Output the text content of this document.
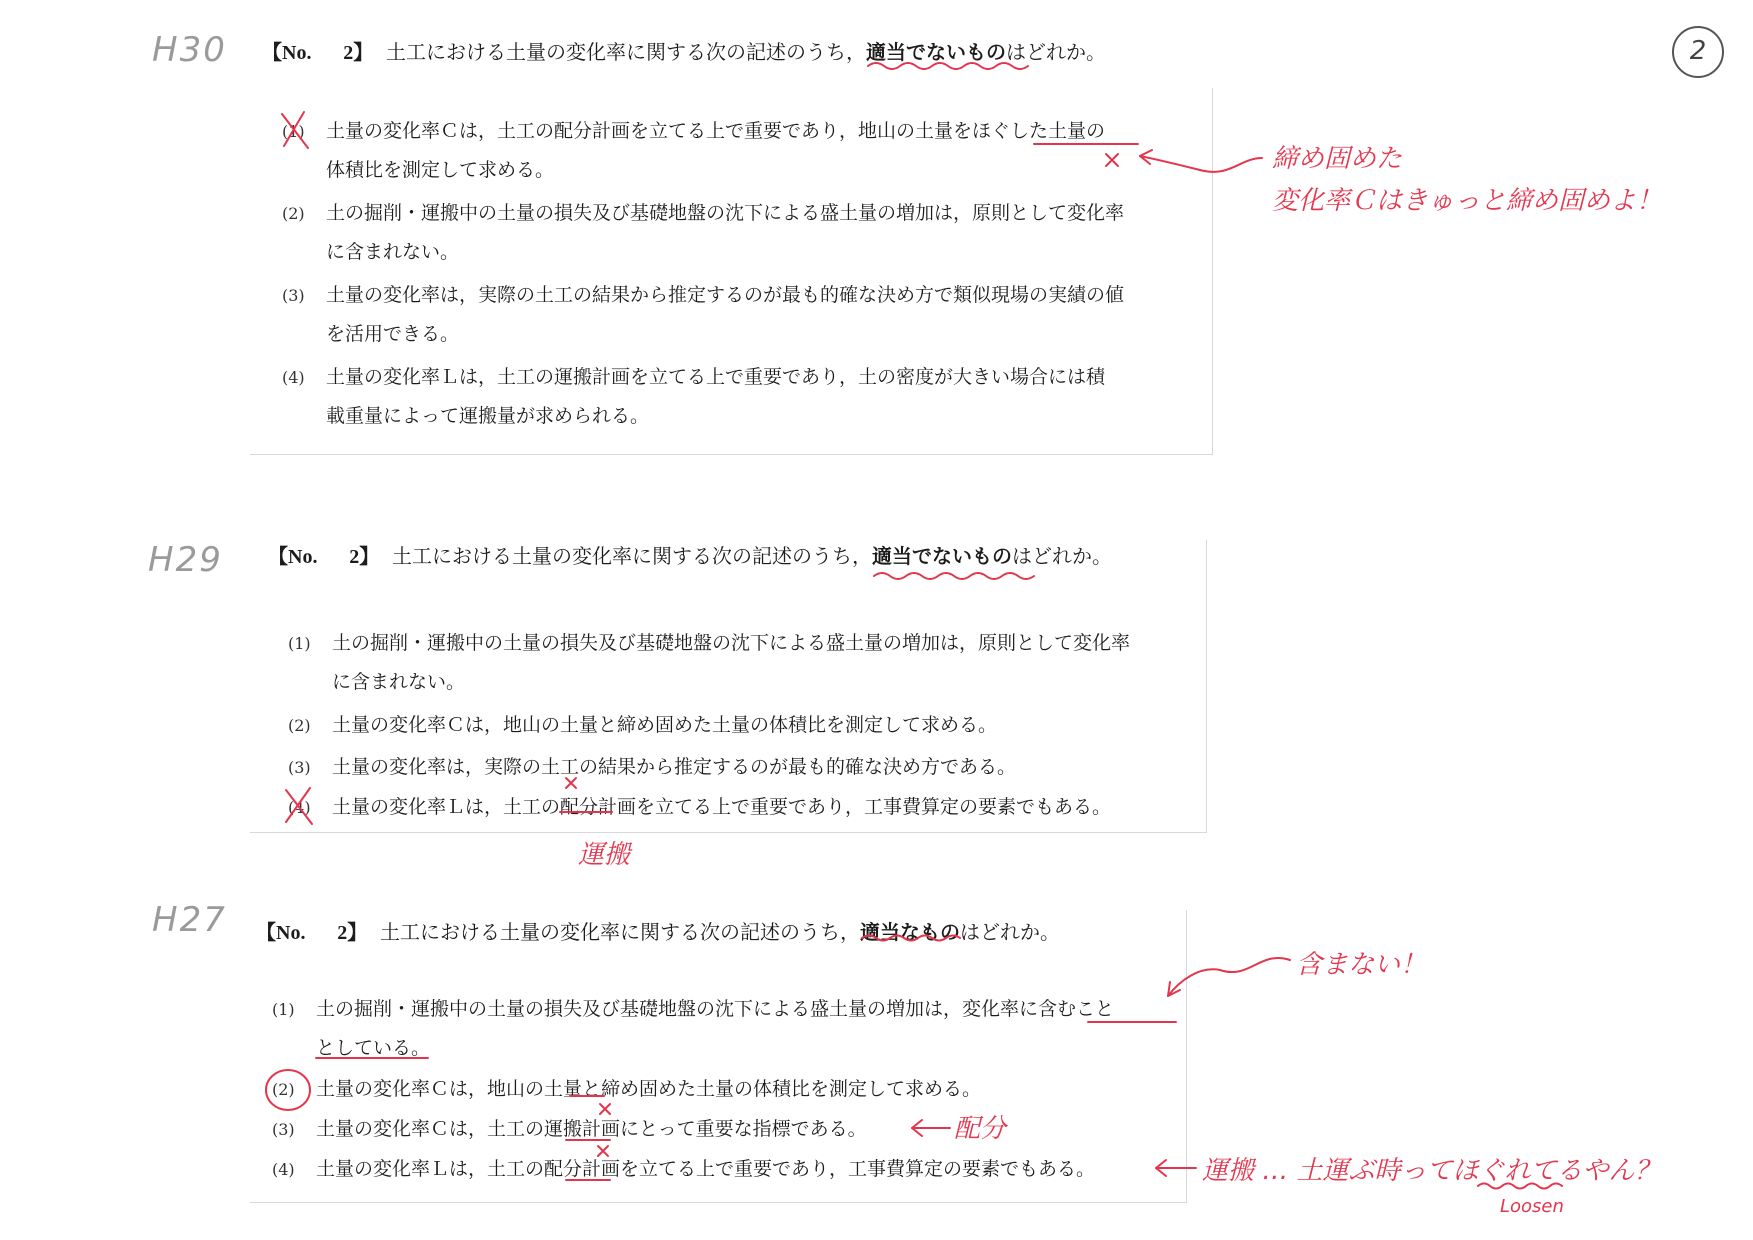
2
H30 【No. 2】 土工における土量の変化率に関する次の記述のうち，適当でないものはどれか。
(1) 土量の変化率Ｃは，土工の配分計画を立てる上で重要であり，地山の土量をほぐした土量の
体積比を測定して求める。
(2) 土の掘削・運搬中の土量の損失及び基礎地盤の沈下による盛土量の増加は，原則として変化率
に含まれない。
(3) 土量の変化率は，実際の土工の結果から推定するのが最も的確な決め方で類似現場の実績の値
を活用できる。
(4) 土量の変化率Ｌは，土工の運搬計画を立てる上で重要であり，土の密度が大きい場合には積
載重量によって運搬量が求められる。
締め固めた
変化率Ｃはきゅっと締め固めよ！
H29 【No. 2】 土工における土量の変化率に関する次の記述のうち，適当でないものはどれか。
(1) 土の掘削・運搬中の土量の損失及び基礎地盤の沈下による盛土量の増加は，原則として変化率
に含まれない。
(2) 土量の変化率Ｃは，地山の土量と締め固めた土量の体積比を測定して求める。
(3) 土量の変化率は，実際の土工の結果から推定するのが最も的確な決め方である。
(4) 土量の変化率Ｌは，土工の配分計画を立てる上で重要であり，工事費算定の要素でもある。
運搬
H27 【No. 2】 土工における土量の変化率に関する次の記述のうち，適当なものはどれか。
(1) 土の掘削・運搬中の土量の損失及び基礎地盤の沈下による盛土量の増加は，変化率に含むこと
としている。
(2) 土量の変化率Ｃは，地山の土量と締め固めた土量の体積比を測定して求める。
(3) 土量の変化率Ｃは，土工の運搬計画にとって重要な指標である。
(4) 土量の変化率Ｌは，土工の配分計画を立てる上で重要であり，工事費算定の要素でもある。
含まない！
配分
運搬 … 土運ぶ時ってほぐれてるやん？
Loosen
